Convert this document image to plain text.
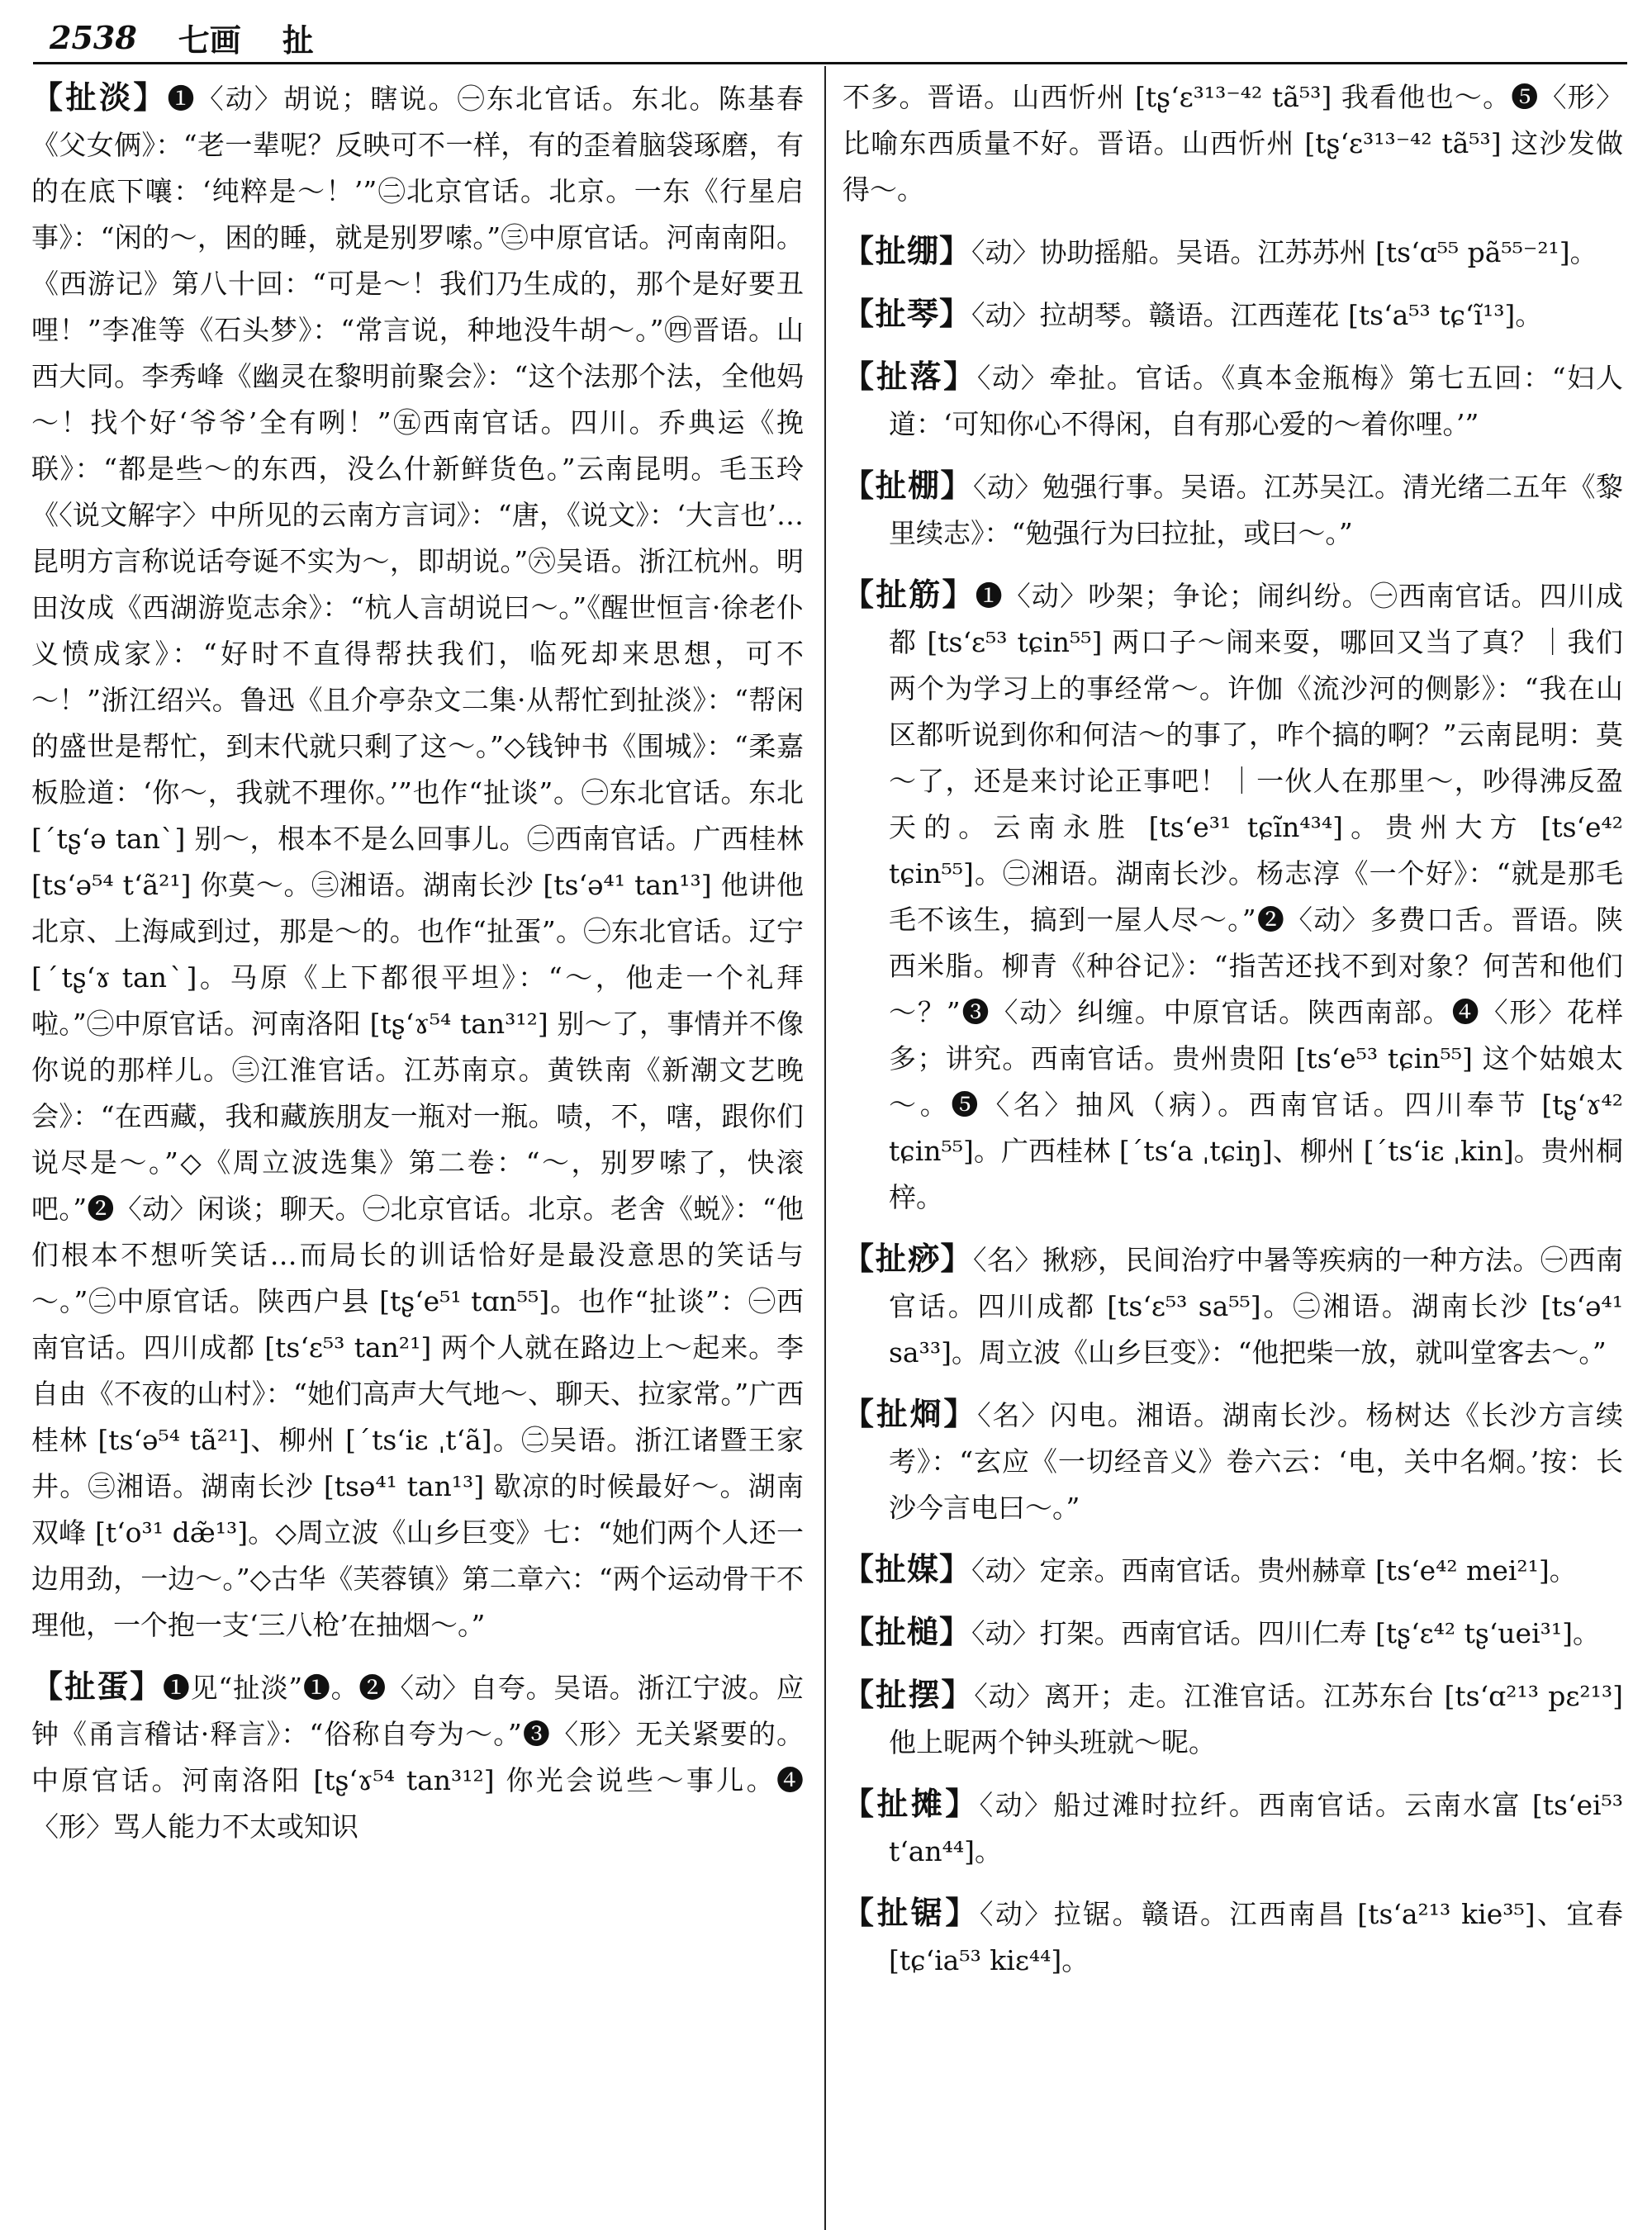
2538 七画 扯

【扯淡】❶〈动〉胡说；瞎说。㊀东北官话。东北。陈基春《父女俩》：“老一辈呢？反映可不一样，有的歪着脑袋琢磨，有的在底下嚷：‘纯粹是～！’”㊁北京官话。北京。一东《行星启事》：“闲的～，困的睡，就是别罗嗦。”㊂中原官话。河南南阳。《西游记》第八十回：“可是～！我们乃生成的，那个是好要丑哩！”李准等《石头梦》：“常言说，种地没牛胡～。”㊃晋语。山西大同。李秀峰《幽灵在黎明前聚会》：“这个法那个法，全他妈～！找个好‘爷爷’全有咧！”㊄西南官话。四川。乔典运《挽联》：“都是些～的东西，没么什新鲜货色。”云南昆明。毛玉玲《〈说文解字〉中所见的云南方言词》：“唐，《说文》：‘大言也’…昆明方言称说话夸诞不实为～，即胡说。”㊅吴语。浙江杭州。明田汝成《西湖游览志余》：“杭人言胡说曰～。”《醒世恒言·徐老仆义愤成家》：“好时不直得帮扶我们，临死却来思想，可不～！”浙江绍兴。鲁迅《且介亭杂文二集·从帮忙到扯淡》：“帮闲的盛世是帮忙，到末代就只剩了这～。”◇钱钟书《围城》：“柔嘉板脸道：‘你～，我就不理你。’”也作“扯谈”。㊀东北官话。东北 [ˊtʂ‘ə tanˋ] 别～，根本不是么回事儿。㊁西南官话。广西桂林 [ts‘ə⁵⁴ t‘ã²¹] 你莫～。㊂湘语。湖南长沙 [ts‘ə⁴¹ tan¹³] 他讲他北京、上海咸到过，那是～的。也作“扯蛋”。㊀东北官话。辽宁 [ˊtʂ‘ɤ tanˋ]。马原《上下都很平坦》：“～，他走一个礼拜啦。”㊁中原官话。河南洛阳 [tʂ‘ɤ⁵⁴ tan³¹²] 别～了，事情并不像你说的那样儿。㊂江淮官话。江苏南京。黄铁南《新潮文艺晚会》：“在西藏，我和藏族朋友一瓶对一瓶。啧，不，嗐，跟你们说尽是～。”◇《周立波选集》第二卷：“～，别罗嗦了，快滚吧。”❷〈动〉闲谈；聊天。㊀北京官话。北京。老舍《蜕》：“他们根本不想听笑话…而局长的训话恰好是最没意思的笑话与～。”㊁中原官话。陕西户县 [tʂ‘e⁵¹ tɑn⁵⁵]。也作“扯谈”：㊀西南官话。四川成都 [ts‘ɛ⁵³ tan²¹] 两个人就在路边上～起来。李自由《不夜的山村》：“她们高声大气地～、聊天、拉家常。”广西桂林 [ts‘ə⁵⁴ tã²¹]、柳州 [ˊts‘iɛ ˌt‘ã]。㊁吴语。浙江诸暨王家井。㊂湘语。湖南长沙 [tsə⁴¹ tan¹³] 歇凉的时候最好～。湖南双峰 [t‘o³¹ dæ̃¹³]。◇周立波《山乡巨变》七：“她们两个人还一边用劲，一边～。”◇古华《芙蓉镇》第二章六：“两个运动骨干不理他，一个抱一支‘三八枪’在抽烟～。”

【扯蛋】❶见“扯淡”❶。❷〈动〉自夸。吴语。浙江宁波。应钟《甬言稽诂·释言》：“俗称自夸为～。”❸〈形〉无关紧要的。中原官话。河南洛阳 [tʂ‘ɤ⁵⁴ tan³¹²] 你光会说些～事儿。❹〈形〉骂人能力不太或知识

不多。晋语。山西忻州 [tʂ‘ɛ³¹³⁻⁴² tã⁵³] 我看他也～。❺〈形〉比喻东西质量不好。晋语。山西忻州 [tʂ‘ɛ³¹³⁻⁴² tã⁵³] 这沙发做得～。

【扯绷】〈动〉协助摇船。吴语。江苏苏州 [ts‘ɑ⁵⁵ pã⁵⁵⁻²¹]。

【扯琴】〈动〉拉胡琴。赣语。江西莲花 [ts‘a⁵³ tɕ‘ĩ¹³]。

【扯落】〈动〉牵扯。官话。《真本金瓶梅》第七五回：“妇人道：‘可知你心不得闲，自有那心爱的～着你哩。’”

【扯棚】〈动〉勉强行事。吴语。江苏吴江。清光绪二五年《黎里续志》：“勉强行为曰拉扯，或曰～。”

【扯筋】❶〈动〉吵架；争论；闹纠纷。㊀西南官话。四川成都 [ts‘ɛ⁵³ tɕin⁵⁵] 两口子～闹来耍，哪回又当了真？｜我们两个为学习上的事经常～。许伽《流沙河的侧影》：“我在山区都听说到你和何洁～的事了，咋个搞的啊？”云南昆明：莫～了，还是来讨论正事吧！｜一伙人在那里～，吵得沸反盈天的。云南永胜 [ts‘e³¹ tɕĩn⁴³⁴]。贵州大方 [ts‘e⁴² tɕin⁵⁵]。㊁湘语。湖南长沙。杨志淳《一个好》：“就是那毛毛不该生，搞到一屋人尽～。”❷〈动〉多费口舌。晋语。陕西米脂。柳青《种谷记》：“指苦还找不到对象？何苦和他们～？”❸〈动〉纠缠。中原官话。陕西南部。❹〈形〉花样多；讲究。西南官话。贵州贵阳 [ts‘e⁵³ tɕin⁵⁵] 这个姑娘太～。❺〈名〉抽风（病）。西南官话。四川奉节 [tʂ‘ɤ⁴² tɕin⁵⁵]。广西桂林 [ˊts‘a ˌtɕiŋ]、柳州 [ˊts‘iɛ ˌkin]。贵州桐梓。

【扯痧】〈名〉揪痧，民间治疗中暑等疾病的一种方法。㊀西南官话。四川成都 [ts‘ɛ⁵³ sa⁵⁵]。㊁湘语。湖南长沙 [ts‘ə⁴¹ sa³³]。周立波《山乡巨变》：“他把柴一放，就叫堂客去～。”

【扯烱】〈名〉闪电。湘语。湖南长沙。杨树达《长沙方言续考》：“玄应《一切经音义》卷六云：‘电，关中名烱。’按：长沙今言电曰～。”

【扯媒】〈动〉定亲。西南官话。贵州赫章 [ts‘e⁴² mei²¹]。

【扯槌】〈动〉打架。西南官话。四川仁寿 [tʂ‘ɛ⁴² tʂ‘uei³¹]。

【扯摆】〈动〉离开；走。江淮官话。江苏东台 [ts‘ɑ²¹³ pɛ²¹³] 他上昵两个钟头班就～昵。

【扯摊】〈动〉船过滩时拉纤。西南官话。云南水富 [ts‘ei⁵³ t‘an⁴⁴]。

【扯锯】〈动〉拉锯。赣语。江西南昌 [ts‘a²¹³ kie³⁵]、宜春 [tɕ‘ia⁵³ kiɛ⁴⁴]。
